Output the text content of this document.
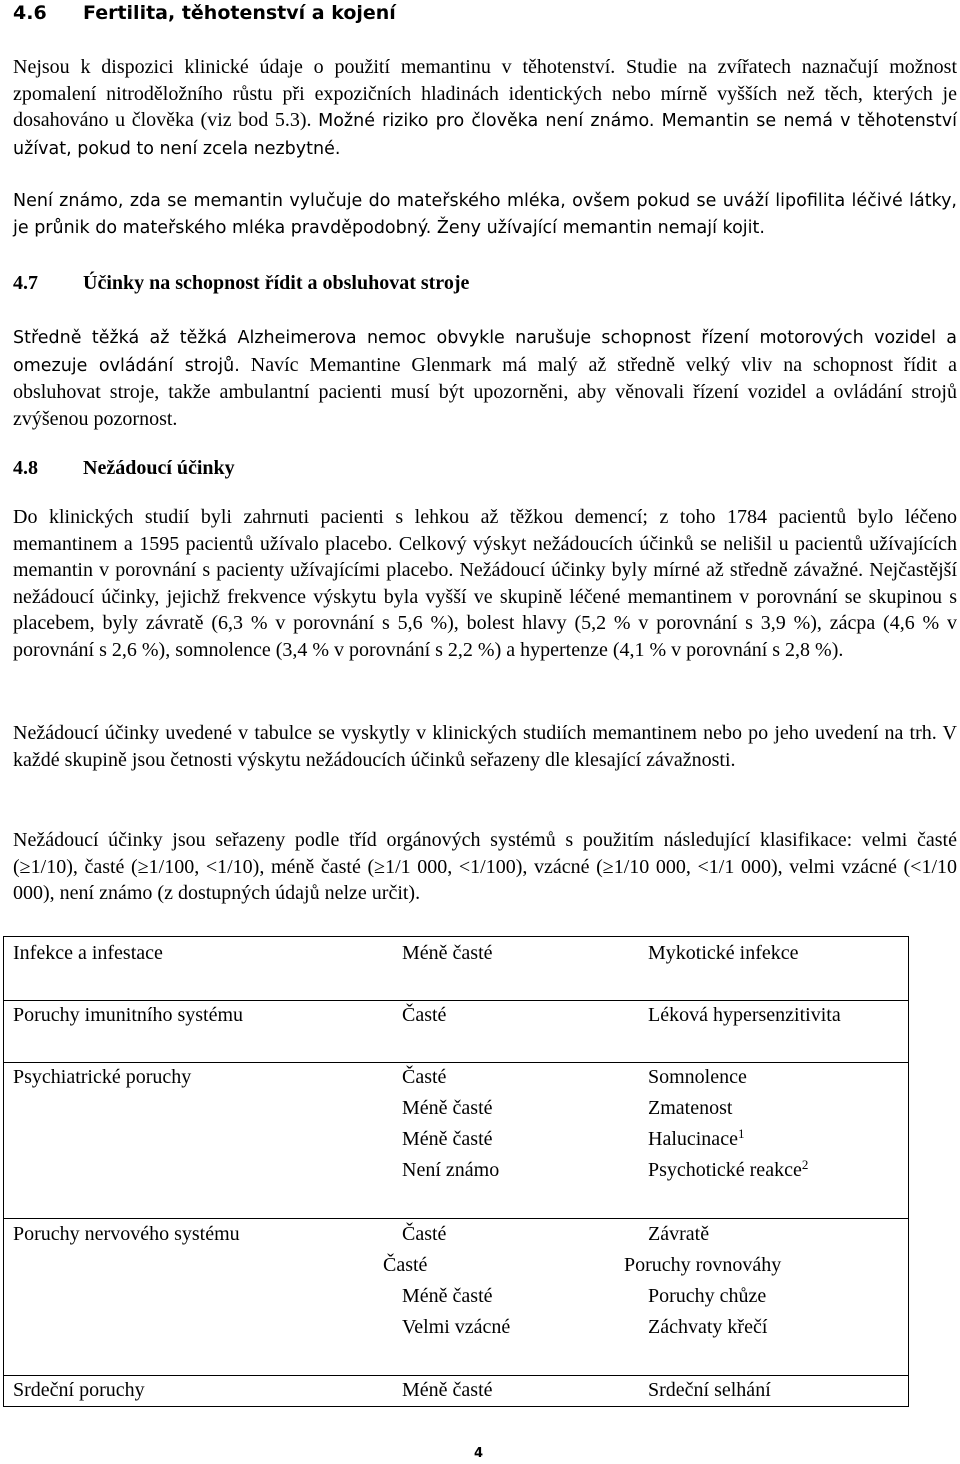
4.6 Fertilita, těhotenství a kojení
Nejsou k dispozici klinické údaje o použití memantinu v těhotenství. Studie na zvířatech naznačují možnost zpomalení nitroděložního růstu při expozičních hladinách identických nebo mírně vyšších než těch, kterých je dosahováno u člověka (viz bod 5.3). Možné riziko pro člověka není známo. Memantin se nemá v těhotenství užívat, pokud to není zcela nezbytné.
Není známo, zda se memantin vylučuje do mateřského mléka, ovšem pokud se uváží lipofilita léčivé látky, je průnik do mateřského mléka pravděpodobný. Ženy užívající memantin nemají kojit.
4.7 Účinky na schopnost řídit a obsluhovat stroje
Středně těžká až těžká Alzheimerova nemoc obvykle narušuje schopnost řízení motorových vozidel a omezuje ovládání strojů. Navíc Memantine Glenmark má malý až středně velký vliv na schopnost řídit a obsluhovat stroje, takže ambulantní pacienti musí být upozorněni, aby věnovali řízení vozidel a ovládání strojů zvýšenou pozornost.
4.8 Nežádoucí účinky
Do klinických studií byli zahrnuti pacienti s lehkou až těžkou demencí; z toho 1784 pacientů bylo léčeno memantinem a 1595 pacientů užívalo placebo. Celkový výskyt nežádoucích účinků se nelišil u pacientů užívajících memantin v porovnání s pacienty užívajícími placebo. Nežádoucí účinky byly mírné až středně závažné. Nejčastější nežádoucí účinky, jejichž frekvence výskytu byla vyšší ve skupině léčené memantinem v porovnání se skupinou s placebem, byly závratě (6,3 % v porovnání s 5,6 %), bolest hlavy (5,2 % v porovnání s 3,9 %), zácpa (4,6 % v porovnání s 2,6 %), somnolence (3,4 % v porovnání s 2,2 %) a hypertenze (4,1 % v porovnání s 2,8 %).
Nežádoucí účinky uvedené v tabulce se vyskytly v klinických studiích memantinem nebo po jeho uvedení na trh. V každé skupině jsou četnosti výskytu nežádoucích účinků seřazeny dle klesající závažnosti.
Nežádoucí účinky jsou seřazeny podle tříd orgánových systémů s použitím následující klasifikace: velmi časté (≥1/10), časté (≥1/100, <1/10), méně časté (≥1/1 000, <1/100), vzácné (≥1/10 000, <1/1 000), velmi vzácné (<1/10 000), není známo (z dostupných údajů nelze určit).
Infekce a infestace	Méně časté	Mykotické infekce
Poruchy imunitního systému	Časté	Léková hypersenzitivita
Psychiatrické poruchy	Časté	Somnolence
Méně časté	Zmatenost
Méně časté	Halucinace$^1$
Není známo	Psychotické reakce$^2$
Poruchy nervového systému	Časté	Závratě
Časté	Poruchy rovnováhy
Méně časté	Poruchy chůze
Velmi vzácné	Záchvaty křečí
Srdeční poruchy	Méně časté	Srdeční selhání
4
